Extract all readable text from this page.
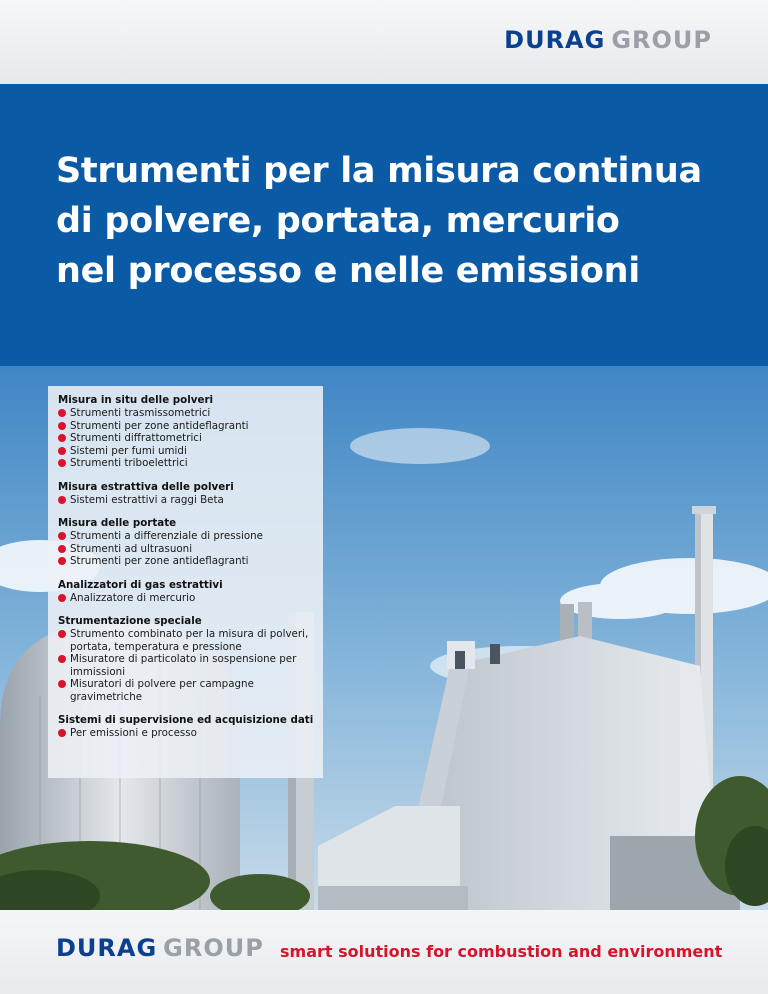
DURAG GROUP
Strumenti per la misura continua
di polvere, portata, mercurio
nel processo e nelle emissioni
Misura in situ delle polveri
Strumenti trasmissometrici
Strumenti per zone antideflagranti
Strumenti diffrattometrici
Sistemi per fumi umidi
Strumenti triboelettrici
Misura estrattiva delle polveri
Sistemi estrattivi a raggi Beta
Misura delle portate
Strumenti a differenziale di pressione
Strumenti ad ultrasuoni
Strumenti per zone antideflagranti
Analizzatori di gas estrattivi
Analizzatore di mercurio
Strumentazione speciale
Strumento combinato per la misura di polveri, portata, temperatura e pressione
Misuratore di particolato in sospensione per immissioni
Misuratori di polvere per campagne gravimetriche
Sistemi di supervisione ed acquisizione dati
Per emissioni e processo
DURAG GROUP smart solutions for combustion and environment
